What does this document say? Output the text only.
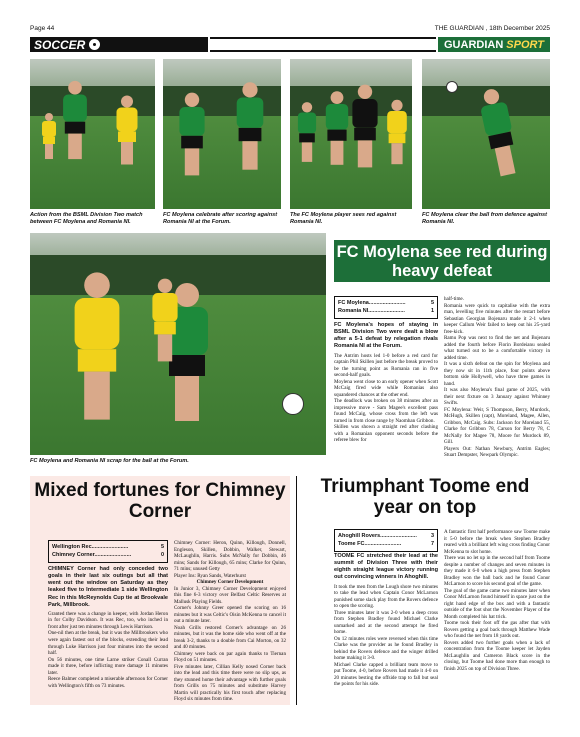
Page 44	THE GUARDIAN , 18th December 2025
SOCCER	GUARDIAN SPORT
Action from the BSML Division Two match between FC Moylena and Romania NI.
FC Moylena celebrate after scoring against Romania NI at the Forum.
The FC Moylena player sees red against Romania NI.
FC Moylena clear the ball from defence against Romania NI.
FC Moylena and Romania NI scrap for the ball at the Forum.
FC Moylena see red during heavy defeat
FC Moylena........................	5
Romania NI........................	1

FC Moylena's hopes of staying in BSML Division Two were dealt a blow after a 5-1 defeat by relegation rivals Romania NI at the Forum.

The Antrim hosts led 1-0 before a red card for captain Phil Skillen just before the break proved to be the turning point as Romania ran in five second-half goals.

Moylena went close to an early opener when Scott McCaig fired wide while Romanias also squandered chances at the other end.

The deadlock was broken on 38 minutes after an impressive move - Sam Magee's excellent pass found McCaig, whose cross from the left was turned in from close range by Naomhan Gribbon.

Skillen was shown a straight red after clashing with a Romanian opponent seconds before the referee blew for

half-time.

Romania were quick to capitalise with the extra man, levelling five minutes after the restart before Sebastian Georgian Bojenaru made it 2-1 when keeper Callum Weir failed to keep out his 25-yard free-kick.

Ramu Pop was next to find the net and Bojenaru added the fourth before Florin Bordeianu sealed what turned out to be a comfortable victory in added time.

It was a sixth defeat on the spin for Moylena and they now sit in 11th place, four points above bottom side Hollywell, who have three games in hand.

It was also Moylena's final game of 2025, with their next fixture on 3 January against Whinney Swifts.

FC Moylena: Weir, S Thompson, Berry, Murdock, McHugh, Skillen (capt), Moreland, Magee, Allen, Gribbon, McCaig. Subs: Jackson for Moreland 55, Clarke for Gribbon 78, Carson for Berry 78, C McNally for Magee 78, Moore for Murdock 89, Gill.

Players Out: Nathan Newbury, Antrim Eagles; Stuart Dempster, Newpark Olympic.

Mixed fortunes for Chimney Corner
Wellington Rec........................	5
Chimney Corner........................	0

CHIMNEY Corner had only conceded two goals in their last six outings but all that went out the window on Saturday as they leaked five to Intermediate 1 side Wellington Rec in this McReynolds Cup tie at Brookvale Park, Millbrook.

Granted there was a change in keeper, with Jordan Heron in for Colby Davidson. It was Rec, too, who inched in front after just ten minutes through Lewis Harrison.

One-nil then at the break, but it was the Millbrookers who were again fastest out of the blocks, extending their lead through Luke Harrison just four minutes into the second half.

On 56 minutes, one time Larne striker Conall Curran made it three, before inflicting more damage 11 minutes later.

Reece Balmer completed a miserable afternoon for Corner with Wellington's fifth on 73 minutes.

Chimney Corner: Heron, Quinn, Killough, Donnell, Engleson, Skillen, Dobbin, Walker, Stewart, McLaughlin, Harris. Subs McNally for Dobbin, 46 mins; Sands for Killough, 65 mins; Clarke for Quinn, 71 mins; unused Getty

Player Ins: Ryan Sands, Waterhurst

Chimney Corner Development

In Junior 3, Chimney Corner Development enjoyed this fine 6-3 victory over Belfast Celtic Reserves at Mallusk Playing Fields.

Corner's Johnny Greer opened the scoring on 16 minutes but it was Celtic's Oisin McKenna to cancel it out a minute later.

Noah Grills restored Corner's advantage on 26 minutes, but it was the home side who went off at the break 3-2, thanks to a double from Cai Morton, on 32 and 40 minutes.

Chimney were back on par again thanks to Tiernan Floyd on 51 minutes.

Five minutes later, Cillian Kelly nosed Corner back into the lead and this time there were no slip ups, as they stunned home their advantage with further goals from Grills on 75 minutes and substitute Harvey Martin will practically his first touch after replacing Floyd six minutes from time.

Triumphant Toome end year on top
Ahoghill Rovers........................	3
Toome FC........................	7

TOOME FC stretched their lead at the summit of Division Three with their eighth straight league victory running out convincing winners in Ahoghill.

It took the men from the Lough shore two minutes to take the lead when Captain Conor McLarnon punished some slack play from the Rovers defence to open the scoring.

Three minutes later it was 2-0 when a deep cross from Stephen Bradley found Michael Clarke unmarked and at the second attempt he fired home.

On 12 minutes roles were reversed when this time Clarke was the provider as he found Bradley in behind the Rovers defence and the winger drilled home making it 3-0.

Michael Clarke capped a brilliant team move to put Toome, 4-0, before Rovers had made it 4-0 on 20 minutes besting the offside trap to fall but seal the points for his side.

A fantastic first half performance saw Toome make it 5-0 before the break when Stephen Bradley reared with a brilliant left wing cross finding Conor McKenna to slot home.

There was no let up in the second half from Toome despite a number of changes and seven minutes in they made it 6-0 when a high press from Stephen Bradley won the ball back and he found Conor McLarnon to score his second goal of the game.

The goal of the game came two minutes later when Conor McLarnon found himself in space just on the right hand edge of the box and with a fantastic outside of the foot shot the November Player of the Month completed his hat trick.

Toome took their foot off the gas after that with Rovers getting a goal back through Matthew Wade who found the net from 18 yards out.

Rovers added two further goals when a lack of concentration from the Toome keeper let Jayden McLaughlin and Cameron Black score in the closing, but Toome had done more than enough to finish 2025 on top of Division Three.
